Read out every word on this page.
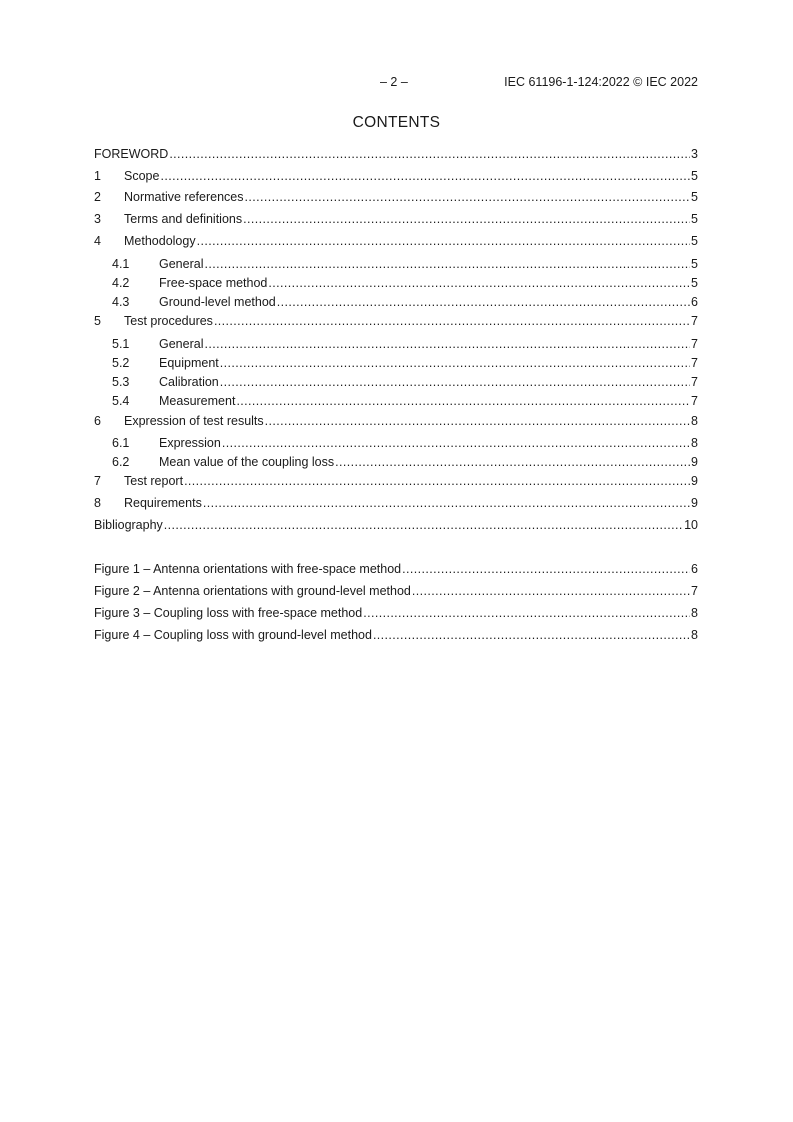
– 2 –	IEC 61196-1-124:2022 © IEC 2022
CONTENTS
FOREWORD .....	3
1	Scope .....	5
2	Normative references .....	5
3	Terms and definitions .....	5
4	Methodology .....	5
4.1	General .....	5
4.2	Free-space method .....	5
4.3	Ground-level method .....	6
5	Test procedures .....	7
5.1	General .....	7
5.2	Equipment .....	7
5.3	Calibration .....	7
5.4	Measurement .....	7
6	Expression of test results .....	8
6.1	Expression .....	8
6.2	Mean value of the coupling loss .....	9
7	Test report .....	9
8	Requirements .....	9
Bibliography .....	10
Figure 1 – Antenna orientations with free-space method .....	6
Figure 2 – Antenna orientations with ground-level method .....	7
Figure 3 – Coupling loss with free-space method .....	8
Figure 4 – Coupling loss with ground-level method .....	8
